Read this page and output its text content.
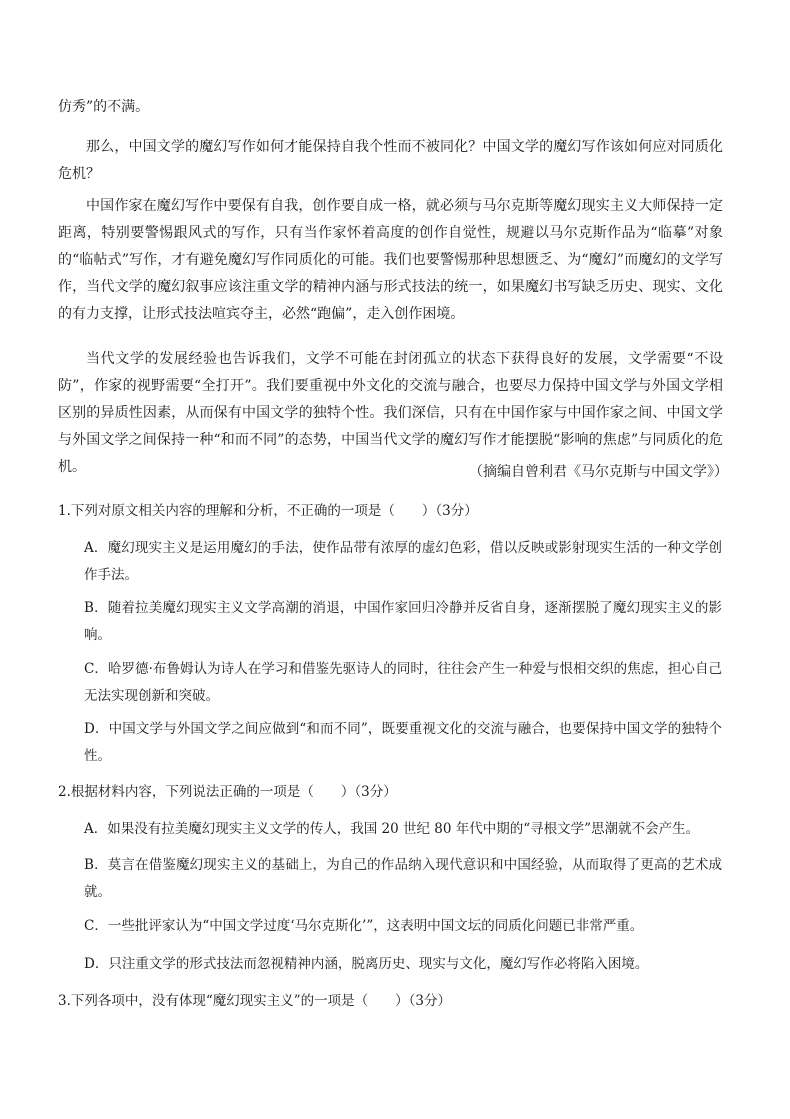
仿秀”的不满。

那么，中国文学的魔幻写作如何才能保持自我个性而不被同化？中国文学的魔幻写作该如何应对同质化危机？

中国作家在魔幻写作中要保有自我，创作要自成一格，就必须与马尔克斯等魔幻现实主义大师保持一定距离，特别要警惕跟风式的写作，只有当作家怀着高度的创作自觉性，规避以马尔克斯作品为“临摹”对象的“临帖式”写作，才有避免魔幻写作同质化的可能。我们也要警惕那种思想匮乏、为“魔幻”而魔幻的文学写作，当代文学的魔幻叙事应该注重文学的精神内涵与形式技法的统一，如果魔幻书写缺乏历史、现实、文化的有力支撑，让形式技法喧宾夺主，必然“跑偏”，走入创作困境。

当代文学的发展经验也告诉我们，文学不可能在封闭孤立的状态下获得良好的发展，文学需要“不设防”，作家的视野需要“全打开”。我们要重视中外文化的交流与融合，也要尽力保持中国文学与外国文学相区别的异质性因素，从而保有中国文学的独特个性。我们深信，只有在中国作家与中国作家之间、中国文学与外国文学之间保持一种“和而不同”的态势，中国当代文学的魔幻写作才能摆脱“影响的焦虑”与同质化的危机。	（摘编自曾利君《马尔克斯与中国文学》）

1.下列对原文相关内容的理解和分析，不正确的一项是（　　）（3分）

A．魔幻现实主义是运用魔幻的手法，使作品带有浓厚的虚幻色彩，借以反映或影射现实生活的一种文学创作手法。

B．随着拉美魔幻现实主义文学高潮的消退，中国作家回归冷静并反省自身，逐渐摆脱了魔幻现实主义的影响。

C．哈罗德·布鲁姆认为诗人在学习和借鉴先驱诗人的同时，往往会产生一种爱与恨相交织的焦虑，担心自己无法实现创新和突破。

D．中国文学与外国文学之间应做到“和而不同”，既要重视文化的交流与融合，也要保持中国文学的独特个性。

2.根据材料内容，下列说法正确的一项是（　　）（3分）

A．如果没有拉美魔幻现实主义文学的传人，我国 20 世纪 80 年代中期的“寻根文学”思潮就不会产生。

B．莫言在借鉴魔幻现实主义的基础上，为自己的作品纳入现代意识和中国经验，从而取得了更高的艺术成就。

C．一些批评家认为“中国文学过度‘马尔克斯化’”，这表明中国文坛的同质化问题已非常严重。

D．只注重文学的形式技法而忽视精神内涵，脱离历史、现实与文化，魔幻写作必将陷入困境。

3.下列各项中，没有体现“魔幻现实主义”的一项是（　　）（3分）
